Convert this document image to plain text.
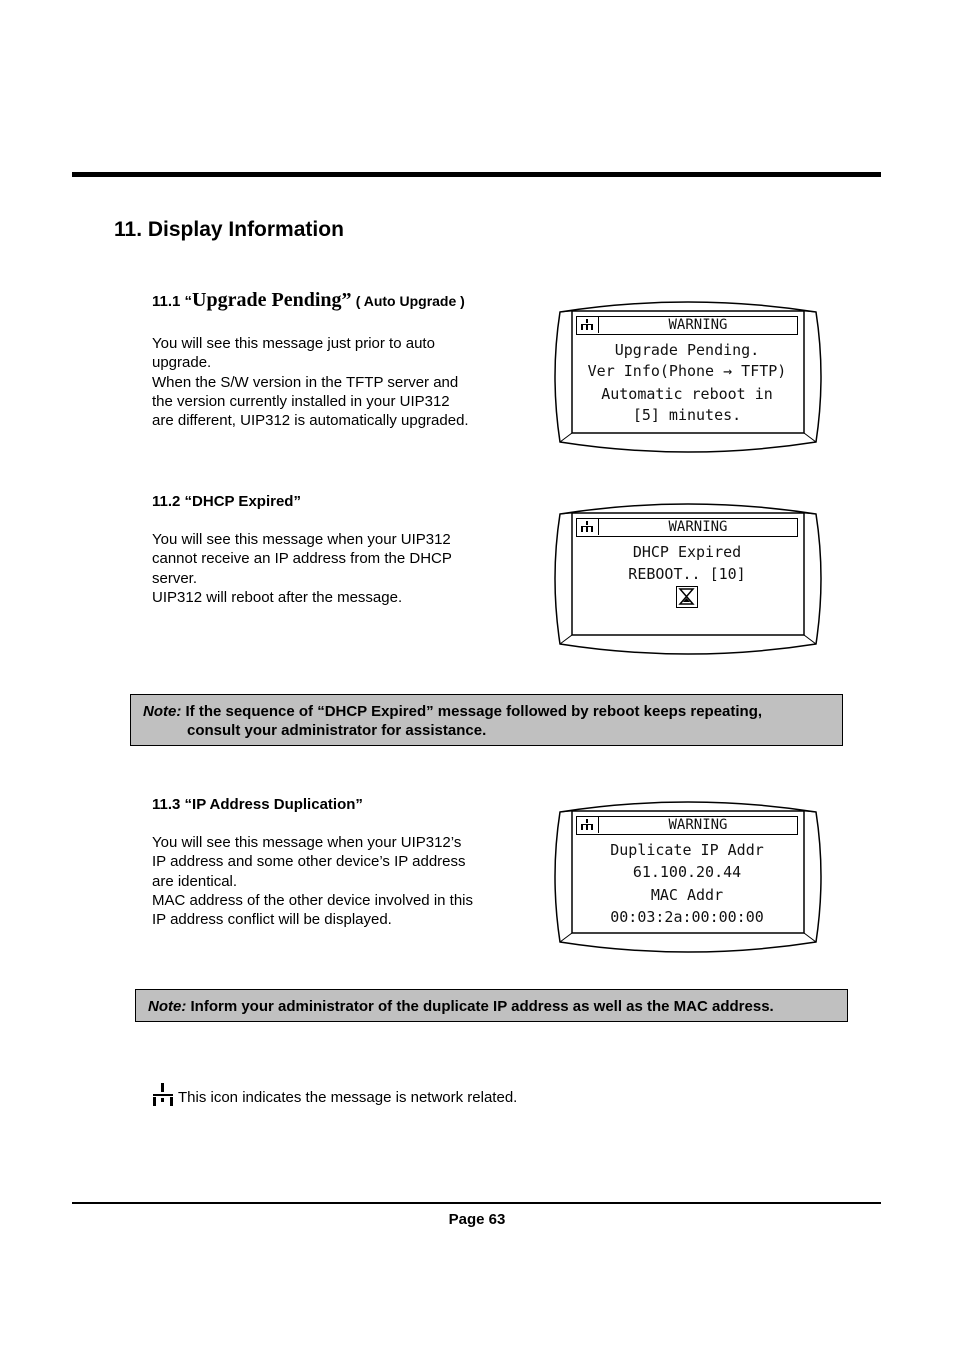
11. Display Information
11.1 “Upgrade Pending” ( Auto Upgrade )

You will see this message just prior to auto
upgrade.
When the S/W version in the TFTP server and
the version currently installed in your UIP312
are different, UIP312 is automatically upgraded.

WARNING
Upgrade Pending.
Ver Info(Phone → TFTP)
Automatic reboot in
[5] minutes.
11.2 “DHCP Expired”

You will see this message when your UIP312
cannot receive an IP address from the DHCP
server.
UIP312 will reboot after the message.

WARNING
DHCP Expired
REBOOT.. [10]
Note: If the sequence of “DHCP Expired” message followed by reboot keeps repeating,
consult your administrator for assistance.
11.3 “IP Address Duplication”

You will see this message when your UIP312’s
IP address and some other device’s IP address
are identical.
MAC address of the other device involved in this
IP address conflict will be displayed.

WARNING
Duplicate IP Addr
61.100.20.44
MAC Addr
00:03:2a:00:00:00
Note: Inform your administrator of the duplicate IP address as well as the MAC address.
This icon indicates the message is network related.
Page 63
